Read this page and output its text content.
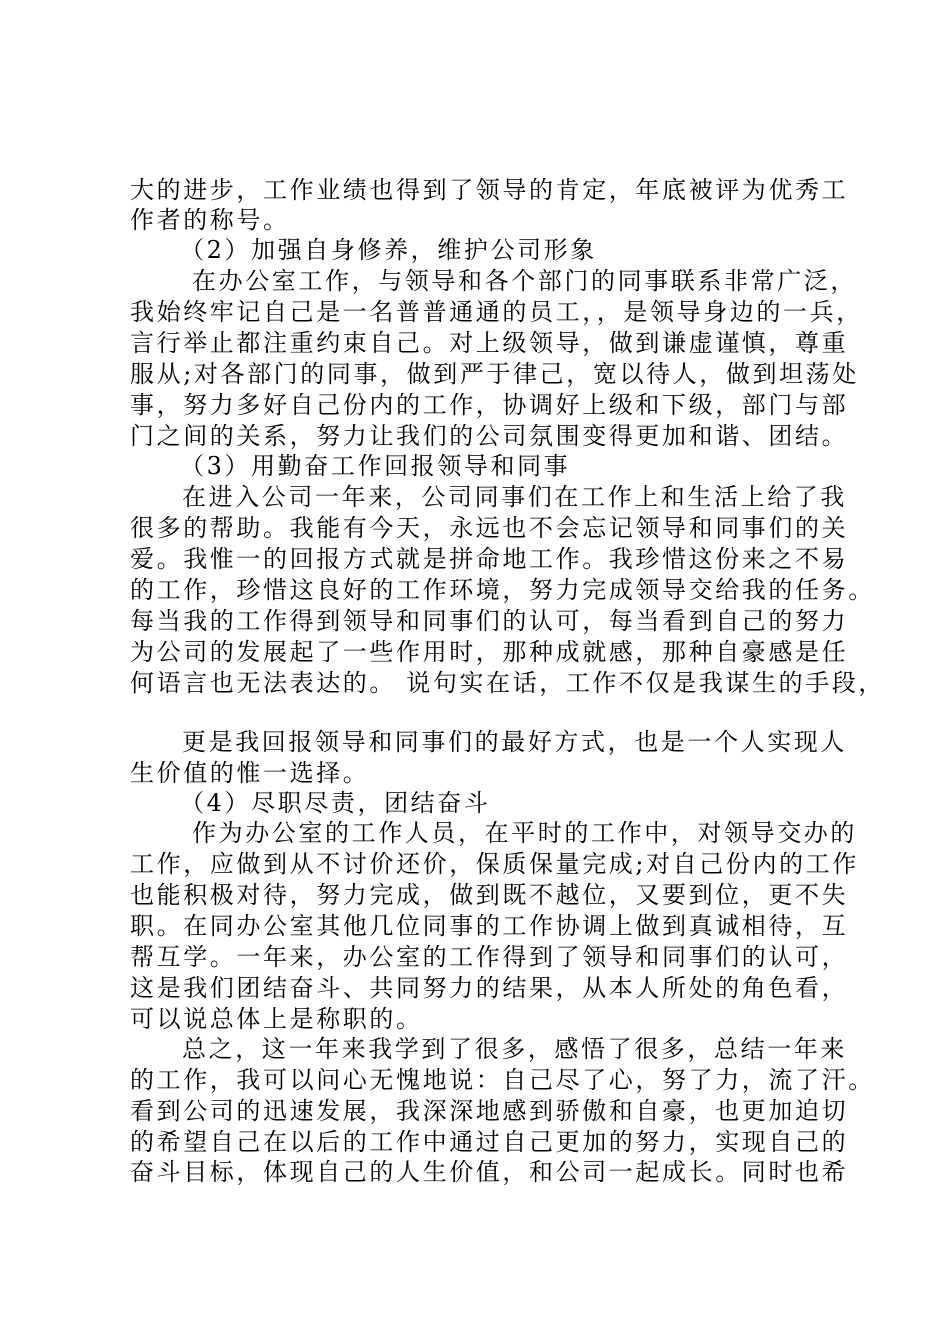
大的进步，工作业绩也得到了领导的肯定，年底被评为优秀工
作者的称号。
（2）加强自身修养，维护公司形象
在办公室工作，与领导和各个部门的同事联系非常广泛，
我始终牢记自己是一名普普通通的员工，，是领导身边的一兵，
言行举止都注重约束自己。对上级领导，做到谦虚谨慎，尊重
服从;对各部门的同事，做到严于律己，宽以待人，做到坦荡处
事，努力多好自己份内的工作，协调好上级和下级，部门与部
门之间的关系，努力让我们的公司氛围变得更加和谐、团结。
（3）用勤奋工作回报领导和同事
在进入公司一年来，公司同事们在工作上和生活上给了我
很多的帮助。我能有今天，永远也不会忘记领导和同事们的关
爱。我惟一的回报方式就是拼命地工作。我珍惜这份来之不易
的工作，珍惜这良好的工作环境，努力完成领导交给我的任务。
每当我的工作得到领导和同事们的认可，每当看到自己的努力
为公司的发展起了一些作用时，那种成就感，那种自豪感是任
何语言也无法表达的。 说句实在话，工作不仅是我谋生的手段，
更是我回报领导和同事们的最好方式，也是一个人实现人
生价值的惟一选择。
（4）尽职尽责，团结奋斗
作为办公室的工作人员，在平时的工作中，对领导交办的
工作，应做到从不讨价还价，保质保量完成;对自己份内的工作
也能积极对待，努力完成，做到既不越位，又要到位，更不失
职。在同办公室其他几位同事的工作协调上做到真诚相待，互
帮互学。一年来，办公室的工作得到了领导和同事们的认可，
这是我们团结奋斗、共同努力的结果，从本人所处的角色看，
可以说总体上是称职的。
总之，这一年来我学到了很多，感悟了很多，总结一年来
的工作，我可以问心无愧地说：自己尽了心，努了力，流了汗。
看到公司的迅速发展，我深深地感到骄傲和自豪，也更加迫切
的希望自己在以后的工作中通过自己更加的努力，实现自己的
奋斗目标，体现自己的人生价值，和公司一起成长。同时也希
